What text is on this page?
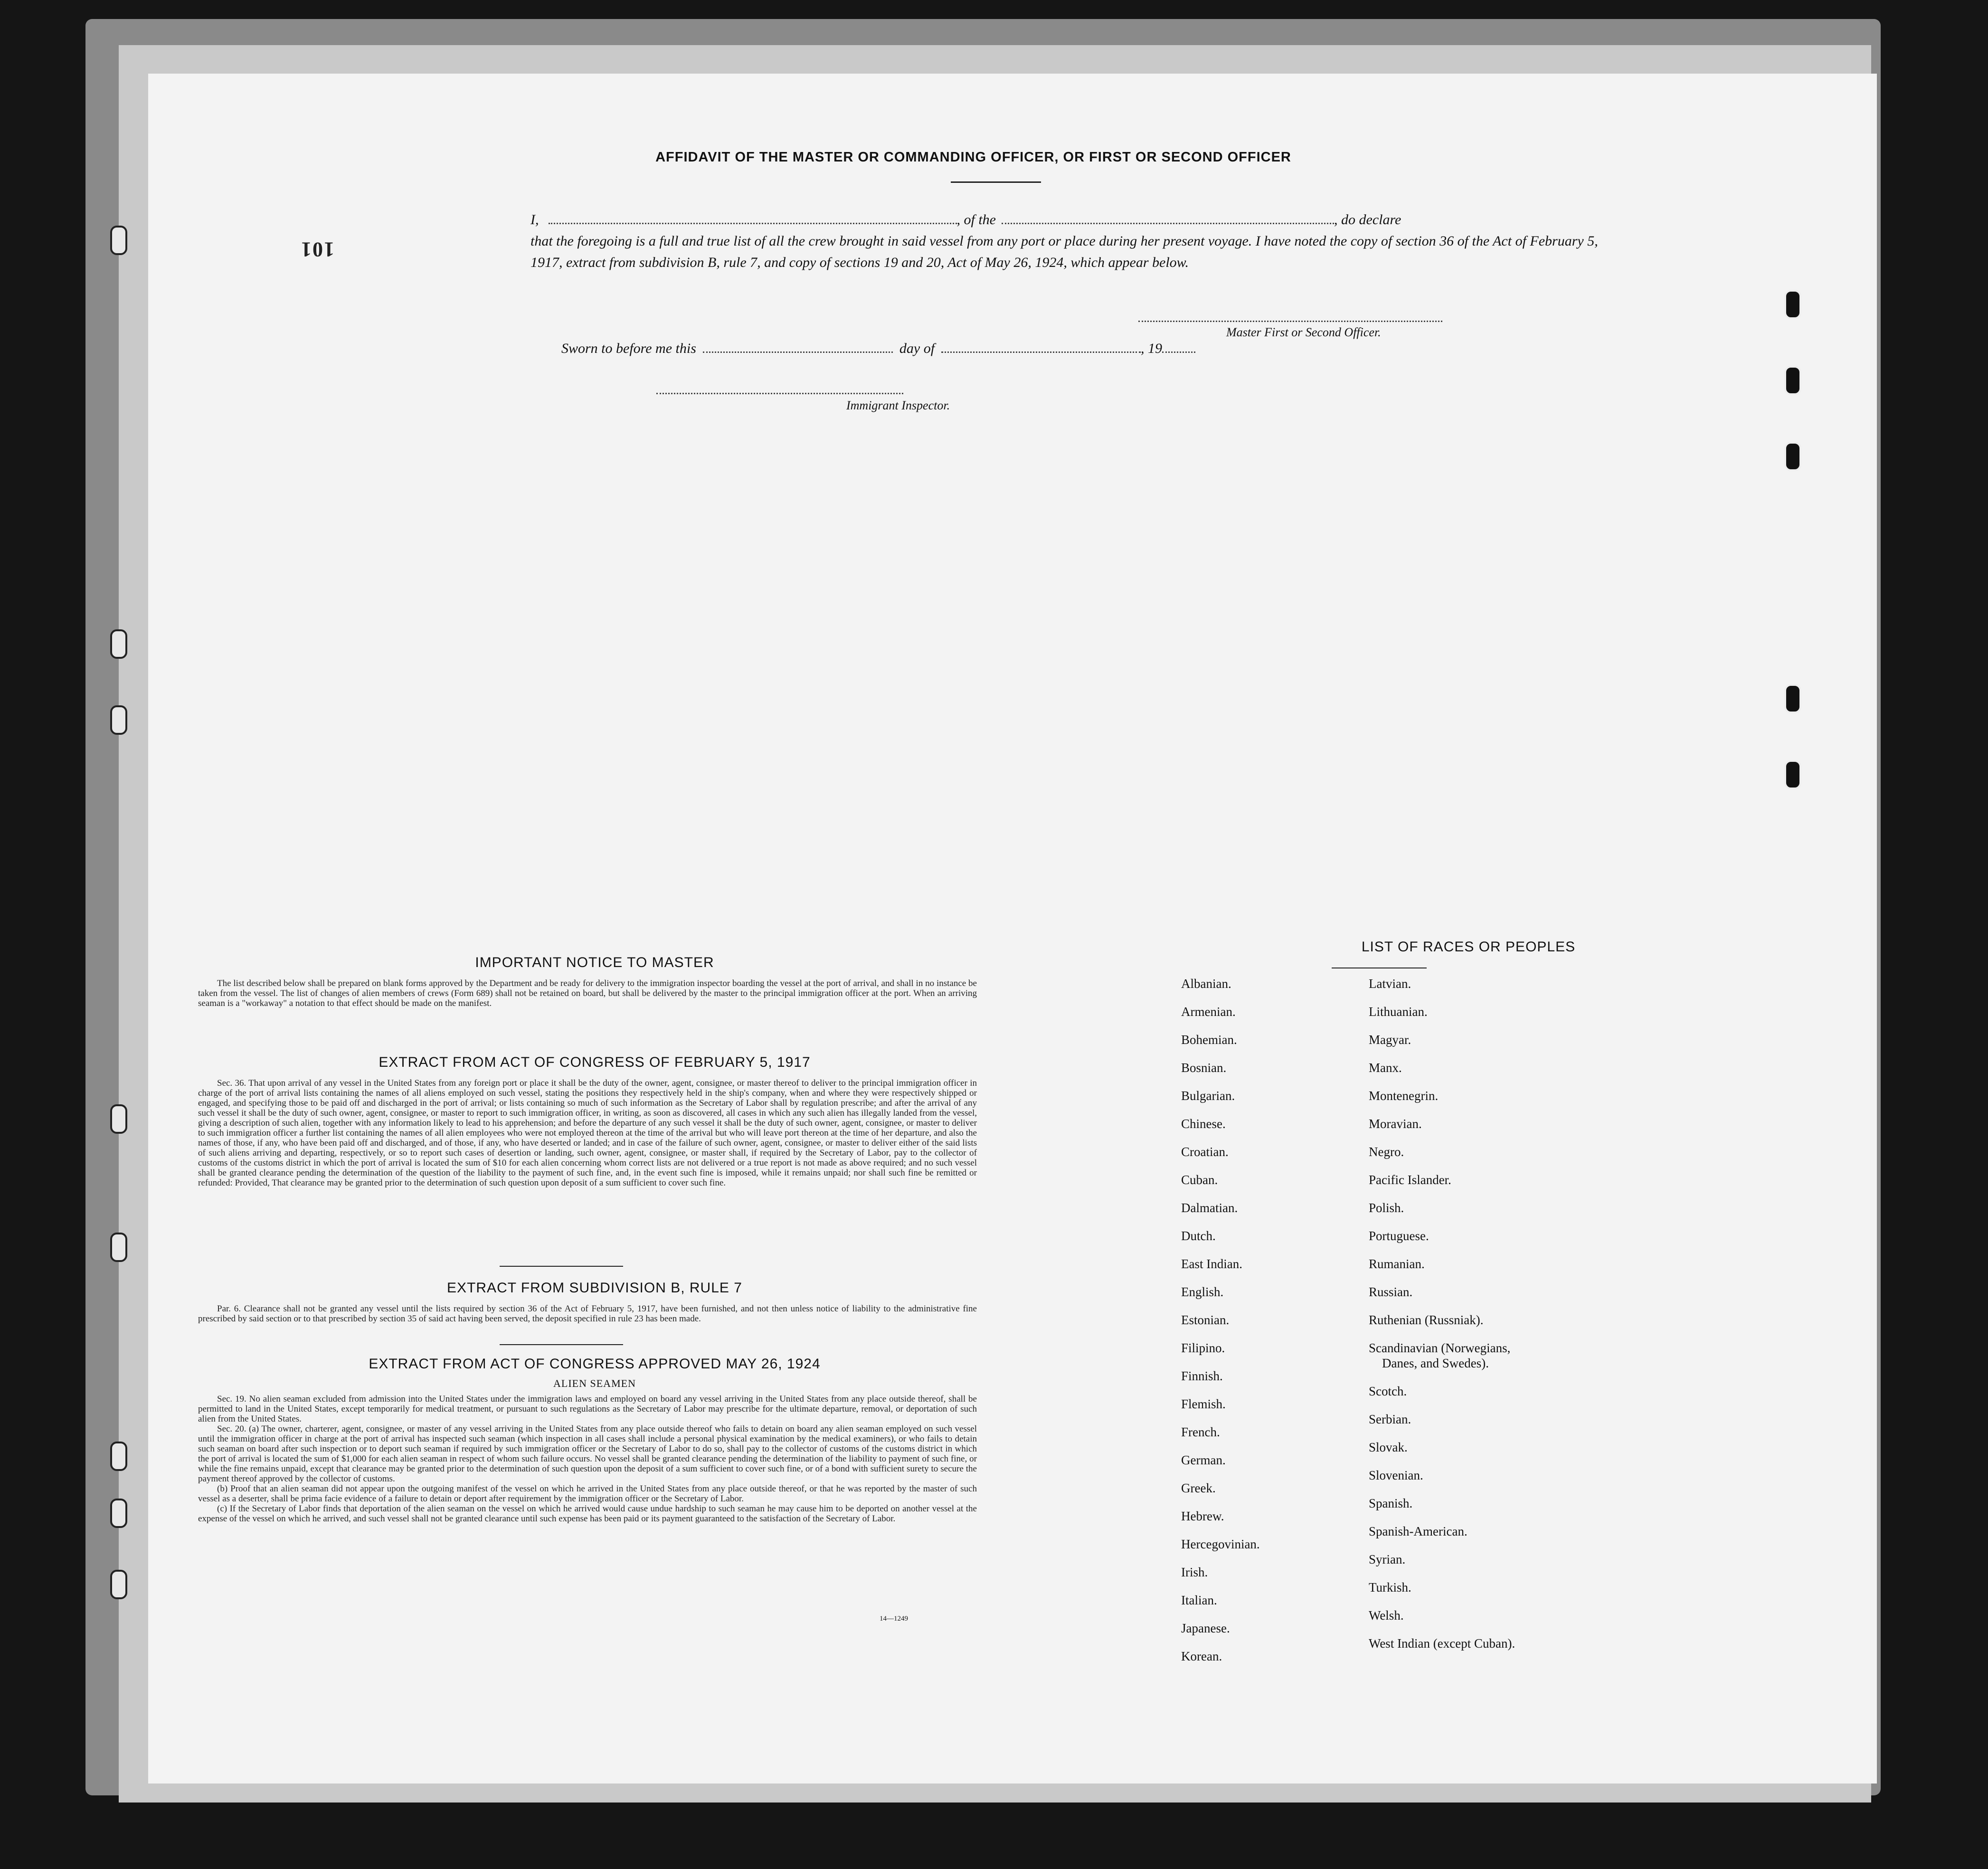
101
AFFIDAVIT OF THE MASTER OR COMMANDING OFFICER, OR FIRST OR SECOND OFFICER
I,	, of the	, do declare
that the foregoing is a full and true list of all the crew brought in said vessel from any port or place during her present voyage. I have noted the copy of section 36 of the Act of February 5, 1917, extract from subdivision B, rule 7, and copy of sections 19 and 20, Act of May 26, 1924, which appear below.
Master First or Second Officer.
Sworn to before me this	day of	, 19
Immigrant Inspector.
IMPORTANT NOTICE TO MASTER

The list described below shall be prepared on blank forms approved by the Department and be ready for delivery to the immigration inspector boarding the vessel at the port of arrival, and shall in no instance be taken from the vessel. The list of changes of alien members of crews (Form 689) shall not be retained on board, but shall be delivered by the master to the principal immigration officer at the port. When an arriving seaman is a "workaway" a notation to that effect should be made on the manifest.

EXTRACT FROM ACT OF CONGRESS OF FEBRUARY 5, 1917

Sec. 36. That upon arrival of any vessel in the United States from any foreign port or place it shall be the duty of the owner, agent, consignee, or master thereof to deliver to the principal immigration officer in charge of the port of arrival lists containing the names of all aliens employed on such vessel, stating the positions they respectively held in the ship's company, when and where they were respectively shipped or engaged, and specifying those to be paid off and discharged in the port of arrival; or lists containing so much of such information as the Secretary of Labor shall by regulation prescribe; and after the arrival of any such vessel it shall be the duty of such owner, agent, consignee, or master to report to such immigration officer, in writing, as soon as discovered, all cases in which any such alien has illegally landed from the vessel, giving a description of such alien, together with any information likely to lead to his apprehension; and before the departure of any such vessel it shall be the duty of such owner, agent, consignee, or master to deliver to such immigration officer a further list containing the names of all alien employees who were not employed thereon at the time of the arrival but who will leave port thereon at the time of her departure, and also the names of those, if any, who have been paid off and discharged, and of those, if any, who have deserted or landed; and in case of the failure of such owner, agent, consignee, or master to deliver either of the said lists of such aliens arriving and departing, respectively, or so to report such cases of desertion or landing, such owner, agent, consignee, or master shall, if required by the Secretary of Labor, pay to the collector of customs of the customs district in which the port of arrival is located the sum of $10 for each alien concerning whom correct lists are not delivered or a true report is not made as above required; and no such vessel shall be granted clearance pending the determination of the question of the liability to the payment of such fine, and, in the event such fine is imposed, while it remains unpaid; nor shall such fine be remitted or refunded: Provided, That clearance may be granted prior to the determination of such question upon deposit of a sum sufficient to cover such fine.

EXTRACT FROM SUBDIVISION B, RULE 7

Par. 6. Clearance shall not be granted any vessel until the lists required by section 36 of the Act of February 5, 1917, have been furnished, and not then unless notice of liability to the administrative fine prescribed by said section or to that prescribed by section 35 of said act having been served, the deposit specified in rule 23 has been made.

EXTRACT FROM ACT OF CONGRESS APPROVED MAY 26, 1924
ALIEN SEAMEN

Sec. 19. No alien seaman excluded from admission into the United States under the immigration laws and employed on board any vessel arriving in the United States from any place outside thereof, shall be permitted to land in the United States, except temporarily for medical treatment, or pursuant to such regulations as the Secretary of Labor may prescribe for the ultimate departure, removal, or deportation of such alien from the United States.

Sec. 20. (a) The owner, charterer, agent, consignee, or master of any vessel arriving in the United States from any place outside thereof who fails to detain on board any alien seaman employed on such vessel until the immigration officer in charge at the port of arrival has inspected such seaman (which inspection in all cases shall include a personal physical examination by the medical examiners), or who fails to detain such seaman on board after such inspection or to deport such seaman if required by such immigration officer or the Secretary of Labor to do so, shall pay to the collector of customs of the customs district in which the port of arrival is located the sum of $1,000 for each alien seaman in respect of whom such failure occurs. No vessel shall be granted clearance pending the determination of the liability to payment of such fine, or while the fine remains unpaid, except that clearance may be granted prior to the determination of such question upon the deposit of a sum sufficient to cover such fine, or of a bond with sufficient surety to secure the payment thereof approved by the collector of customs.

(b) Proof that an alien seaman did not appear upon the outgoing manifest of the vessel on which he arrived in the United States from any place outside thereof, or that he was reported by the master of such vessel as a deserter, shall be prima facie evidence of a failure to detain or deport after requirement by the immigration officer or the Secretary of Labor.

(c) If the Secretary of Labor finds that deportation of the alien seaman on the vessel on which he arrived would cause undue hardship to such seaman he may cause him to be deported on another vessel at the expense of the vessel on which he arrived, and such vessel shall not be granted clearance until such expense has been paid or its payment guaranteed to the satisfaction of the Secretary of Labor.

14—1249
LIST OF RACES OR PEOPLES
Albanian.
Armenian.
Bohemian.
Bosnian.
Bulgarian.
Chinese.
Croatian.
Cuban.
Dalmatian.
Dutch.
East Indian.
English.
Estonian.
Filipino.
Finnish.
Flemish.
French.
German.
Greek.
Hebrew.
Hercegovinian.
Irish.
Italian.
Japanese.
Korean.
Latvian.
Lithuanian.
Magyar.
Manx.
Montenegrin.
Moravian.
Negro.
Pacific Islander.
Polish.
Portuguese.
Rumanian.
Russian.
Ruthenian (Russniak).
Scandinavian (Norwegians,
Danes, and Swedes).
Scotch.
Serbian.
Slovak.
Slovenian.
Spanish.
Spanish-American.
Syrian.
Turkish.
Welsh.
West Indian (except Cuban).
